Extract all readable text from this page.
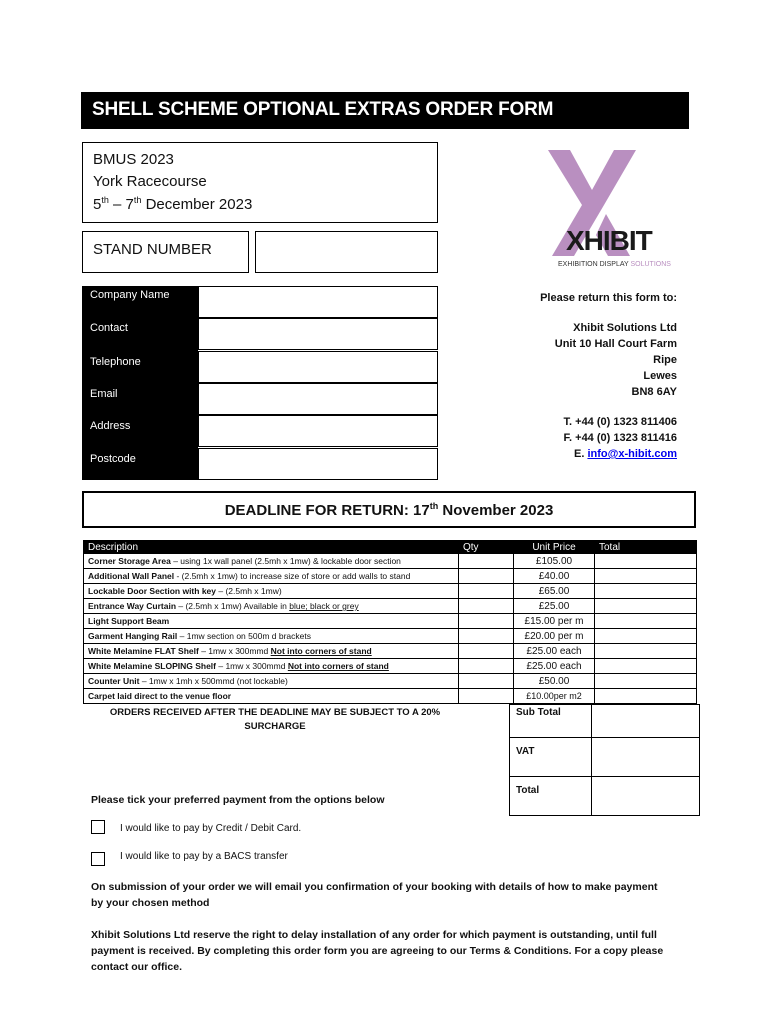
SHELL SCHEME OPTIONAL EXTRAS ORDER FORM
BMUS 2023
York Racecourse
5th – 7th December 2023
STAND NUMBER	XHIBIT
EXHIBITION DISPLAY SOLUTIONS
Company Name
Contact
Telephone
Email
Address
Postcode
Please return this form to:
Xhibit Solutions Ltd
Unit 10 Hall Court Farm
Ripe
Lewes
BN8 6AY
T. +44 (0) 1323 811406
F. +44 (0) 1323 811416
E. info@x-hibit.com
DEADLINE FOR RETURN: 17th November 2023
Description	Qty	Unit Price	Total
Corner Storage Area – using 1x wall panel (2.5mh x 1mw) & lockable door section		£105.00	
Additional Wall Panel - (2.5mh x 1mw) to increase size of store or add walls to stand		£40.00	
Lockable Door Section with key – (2.5mh x 1mw)		£65.00	
Entrance Way Curtain – (2.5mh x 1mw) Available in blue; black or grey		£25.00	
Light Support Beam		£15.00 per m	
Garment Hanging Rail – 1mw section on 500m d brackets		£20.00 per m	
White Melamine FLAT Shelf – 1mw x 300mmd Not into corners of stand		£25.00 each	
White Melamine SLOPING Shelf – 1mw x 300mmd Not into corners of stand		£25.00 each	
Counter Unit – 1mw x 1mh x 500mmd (not lockable)		£50.00	
Carpet laid direct to the venue floor		£10.00per m2	
ORDERS RECEIVED AFTER THE DEADLINE MAY BE SUBJECT TO A 20% SURCHARGE
Sub Total	
VAT	
Total	
Please tick your preferred payment from the options below
I would like to pay by Credit / Debit Card.
I would like to pay by a BACS transfer
On submission of your order we will email you confirmation of your booking with details of how to make payment by your chosen method
Xhibit Solutions Ltd reserve the right to delay installation of any order for which payment is outstanding, until full payment is received. By completing this order form you are agreeing to our Terms & Conditions. For a copy please contact our office.
